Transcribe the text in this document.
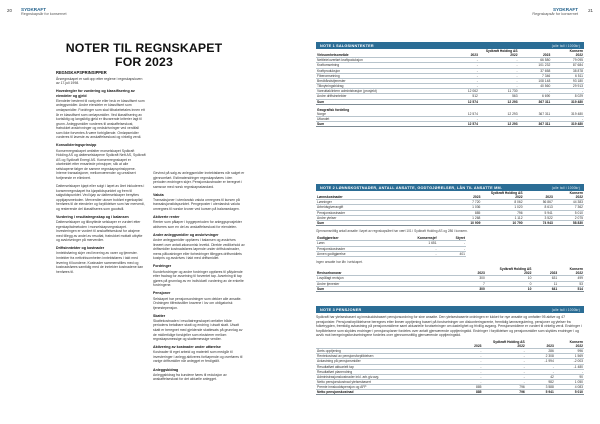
20 SYDKRAFT
Regnskapsår for konsernet
SYDKRAFT
Regnskapsår for konsernet
21
NOTER TIL REGNSKAPET FOR 2023
REGNSKAPSPRINSIPPER

Årsregnskapet er satt opp etter reglene i regnskapsloven av 17.juli 1998.

Hovedregler for vurdering og klassifisering av eiendeler og gjeld

Eiendeler bestemt til varig eie eller bruk er klassifisert som anleggsmidler. Andre eiendeler er klassifisert som omløpsmidler. Fordringer som skal tilbakebetales innen ett år er klassifisert som omløpsmidler. Ved klassifisering av kortsiktig og langsiktig gjeld er tilsvarende kriterier lagt til grunn. Anleggsmidler vurderes til anskaffelseskost, fratrukket avskrivninger og nedskrivninger ved verdifall som ikke forventes å være forbigående. Omløpsmidler vurderes til laveste av anskaffelseskost og virkelig verdi.

Konsolideringsprinsipp

Konsernregnskapet omfatter morselskapet Sydkraft Holding AS og datterselskapene Sydkraft Nett AS, Sydkraft AS og Sydkraft Energi AS. Konsernregnskapet er utarbeidet etter ensartede prinsipper, slik at alle selskapene følger de samme regnskapsprinsippene. Interne transaksjoner, mellomværender og urealisert fortjeneste er eliminert.

Datterselskaper kjøpt eller solgt i løpet av året inkluderes i konsernregnskapet fra kjøpstidspunktet og frem til salgstidspunktet. Ved kjøp av datterselskaper benyttes oppkjøpsmetoden. Merverdier utover bokført egenkapital henføres til de eiendeler og forpliktelser som har merverdi, og resterende del klassifiseres som goodwill.

Vurdering i resultatregnskap og i balansen

Datterselskaper og tilknyttede selskaper er vurdert etter egenkapitalmetoden i morselskapsregnskapet. Investeringen er vurdert til anskaffelseskost for aksjene med tillegg av andel av resultat, fratrukket mottatt utbytte og avskrivninger på merverdier.

Driftsinntekter og kostnader

Inntektsføring skjer ved levering av varer og tjenester. Inntekter fra nettvirksomheten inntektsføres i takt med levering til kundene. Kostnader sammenstilles med og kostnadsføres samtidig med de inntekter kostnadene kan henføres til.

Gevinst på salg av anleggsmidler inntektsføres når salget er gjennomført. Estimatendringer regnskapsføres i den perioden endringen skjer. Pensjonskostnader er beregnet i samsvar med norsk regnskapsstandard.

Valuta

Transaksjoner i utenlandsk valuta omregnes til kursen på transaksjonstidspunktet. Pengeposter i utenlandsk valuta omregnes til norske kroner ved kursen på balansedagen.

Aktiverte renter

Renter som påløper i byggeperioden for anleggsprosjekter aktiveres som en del av anskaffelseskost for eiendelen.

Andre anleggsmidler og avskrivninger

Andre anleggsmidler oppføres i balansen og avskrives lineært over antatt økonomisk levetid. Direkte vedlikehold av driftsmidler kostnadsføres løpende under driftskostnader, mens påkostninger eller forbedringer tillegges driftsmidlets kostpris og avskrives i takt med driftsmidlet.

Fordringer

Kundefordringer og andre fordringer oppføres til pålydende etter fradrag for avsetning til forventet tap. Avsetning til tap gjøres på grunnlag av en individuell vurdering av de enkelte fordringene.

Pensjoner

Selskapet har pensjonsordninger som dekker alle ansatte. Ordningen tilfredsstiller kravene i lov om obligatorisk tjenestepensjon.

Skatter

Skattekostnaden i resultatregnskapet omfatter både periodens betalbare skatt og endring i utsatt skatt. Utsatt skatt er beregnet med gjeldende skattesats på grunnlag av de midlertidige forskjeller som eksisterer mellom regnskapsmessige og skattemessige verdier.

Aktivering av kostnader under utførelse

Kostnader til eget arbeid og materiell som medgår til investeringer i anlegg aktiveres fortløpende og overføres til varige driftsmidler når anlegget er ferdigstilt.

Anleggsbidrag

Anleggsbidrag fra kundene føres til reduksjon av anskaffelseskost for det aktuelle anlegget.

NOTE 1 SALGSINNTEKTER	(alle tall i 1000kr)
	Sydkraft Holding AS		Konsern	
Virksomhetsområde	2023	2022	2023	2022
Nettleie/overført kraftpoduksjon	-	-	66 580	79 095
Kraftomsetning	-	-	101 232	87 684
Kraftproduksjon	-	-	37 658	38 878
Fiberomsetning	-	-	7 346	6 511
Bredbåndstjenester	-	-	108 148	93 180
Tilknytningsbidrag	-	-	40 560	29 913
Vareuttak/intern administrasjon (prosjekt)	12 062	11 730	-	-
Andre driftsinntekter	512	563	6 690	8 029
Sum	12 574	12 293	367 311	319 480
Geografisk fordeling				
Norge	12 574	12 293	367 311	319 480
Utlandet	-	-	-	-
Sum	12 574	12 293	367 311	319 480
NOTE 2 LØNNSKOSTNADER, ANTALL ANSATTE, GODTGJØRELSER, LÅN TIL ANSATTE MM.	(alle tall i 1000kr)
	Sydkraft Holding AS		Konsern	
Lønnskostnader	2023	2022	2023	2022
Lønninger	7 720	8 062	56 867	44 383
Arbeidsgiveravgift	1 036	1 020	8 613	7 362
Pensjonskostnader	885	796	5 941	5 010
Andre ytelser	1 268	1 112	3 522	2 075
Sum	10 909	10 790	74 943	58 830
Gjennomsnittlig antall ansatte i løpet av regnskapsåret har vært 101 i Sydkraft Holding AS og 286 i konsern.
Godtgjørelser	Konsernsjef	Styret
Lønn	1 651	-
Pensjonskostnader	-	-
Annen godtgjørelse	-	401
Ingen ansatte har lån i selskapet.
	Sydkraft Holding AS		Konsern	
Revisorhonorar	2023	2022	2023	2022
Lovpålagt revisjon	300	10	631	499
Andre tjenester	7	0	11	53
Sum	300	10	641	514
NOTE 3 PENSJONER	(alle tall i 1000kr)
Sydkraft har ytelsesbasert og innskuddsbasert pensjonsordning for sine ansatte. Den ytelsesbaserte ordningen er lukket for nye ansatte og omfatter 95 aktive og 47 pensjonister. Pensjonsforpliktelsene beregnes etter lineær opptjening basert på forutsetninger om diskonteringsrente, fremtidig lønnsregulering, pensjoner og ytelser fra folketrygden, fremtidig avkastning på pensjonsmidlene samt aktuarielle forutsetninger om dødelighet og frivillig avgang. Pensjonsmidlene er vurdert til virkelig verdi. Endringer i forpliktelsene som skyldes endringer i pensjonsplaner fordeles over antatt gjenværende opptjeningstid. Endringer i forpliktelser og pensjonsmidler som skyldes endringer i og avvik mot beregningsforutsetningene fordeles over gjennomsnittlig gjenværende opptjeningstid.
	Sydkraft Holding AS		Konsern	
	2023	2022	2023	2022
Årets opptjening	-	-	286	996
Rentekostnad av pensjonsforpliktelsen	-	-	2 308	1 569
Avkastning på pensjonsmidler	-	-	-1 994	-2 003
Resultatført aktuarielt tap	-	-	-	-1 480
Resultatført planendring	-	-	-	-
Administrasjonskostnader inkl. arb.giv.avg.	-	-	42	90
Netto pensjonskostnad ytelsesbasert	-	-	982	1 050
Premie innskuddspensjon og AFP	885	796	3 588	4 083
Netto pensjonskostnad	885	796	5 941	5 010
